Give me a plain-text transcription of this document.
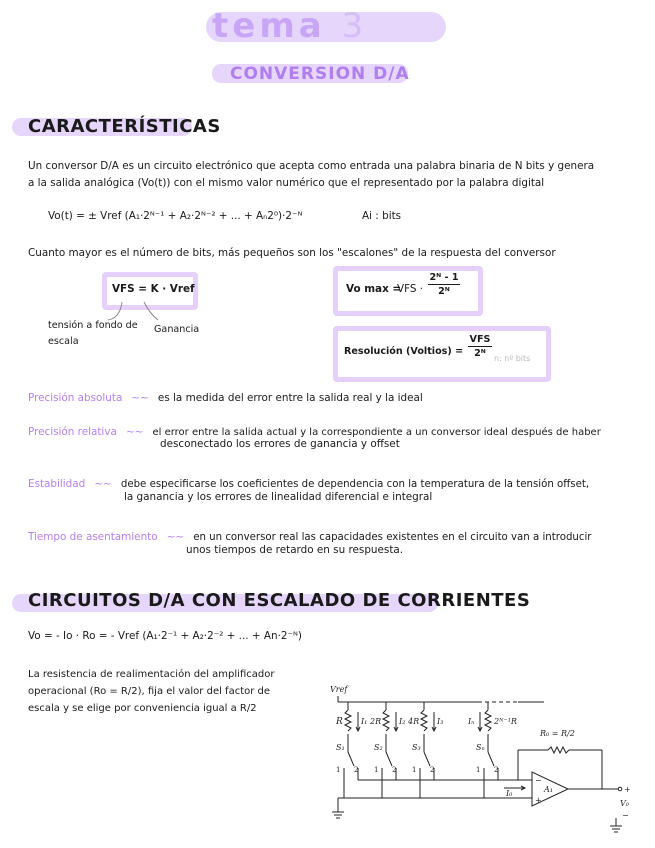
tema 3
CONVERSION D/A
CARACTERÍSTICAS
Un conversor D/A es un circuito electrónico que acepta como entrada una palabra binaria de N bits y genera
a la salida analógica (Vo(t)) con el mismo valor numérico que el representado por la palabra digital
Vo(t) = ± Vref (A₁·2ᴺ⁻¹ + A₂·2ᴺ⁻² + ... + Aₙ2⁰)·2⁻ᴺ	Ai : bits
Cuanto mayor es el número de bits, más pequeños son los "escalones" de la respuesta del conversor
VFS = K · Vref
tensión a fondo de escala
Ganancia
Vo max =
VFS ·
2ᴺ - 1
2ᴺ
Resolución (Voltios) =
VFS
2ᴺ	n: nº bits
Precisión absoluta ~~ es la medida del error entre la salida real y la ideal
Precisión relativa ~~ el error entre la salida actual y la correspondiente a un conversor ideal después de haber
desconectado los errores de ganancia y offset
Estabilidad ~~ debe especificarse los coeficientes de dependencia con la temperatura de la tensión offset,
la ganancia y los errores de linealidad diferencial e integral
Tiempo de asentamiento ~~ en un conversor real las capacidades existentes en el circuito van a introducir
unos tiempos de retardo en su respuesta.
CIRCUITOS D/A CON ESCALADO DE CORRIENTES
Vo = - Io · Ro = - Vref (A₁·2⁻¹ + A₂·2⁻² + ... + An·2⁻ᴺ)
La resistencia de realimentación del amplificador
operacional (Ro = R/2), fija el valor del factor de
escala y se elige por conveniencia igual a R/2
Vref
R I₁
S₁
1 2
2R I₂
S₂
1 2
4R I₃
S₃
1 2
Iₙ 2ᴺ⁻¹R
Sₙ
1 2
I₀
−
+
A₁
R₀ = R/2
+
V₀
−
